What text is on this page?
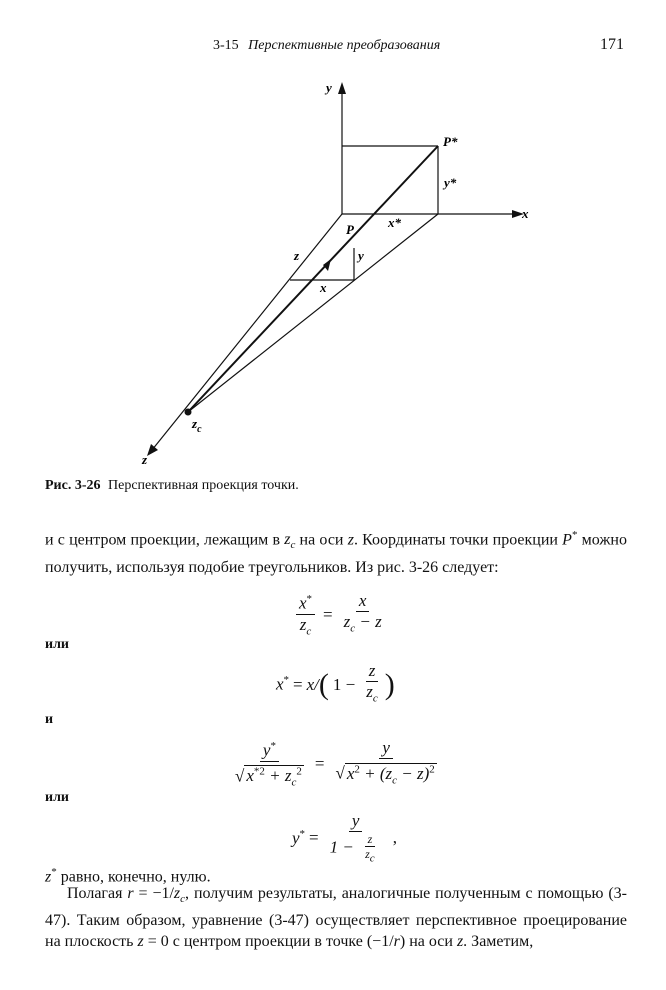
3-15 Перспективные преобразования	171
y
x
z
P*
y*
x*
P
y
x
z
$z_c$
Рис. 3-26 Перспективная проекция точки.
и с центром проекции, лежащим в $z_c$ на оси z. Координаты точки проекции P* можно получить, используя подобие треугольников. Из рис. 3-26 следует:
$\frac{x^*}{z_c} = \frac{x}{z_c - z}$
или
x* = x/ ( $1 - \frac{z}{z_c}$ )
и
$\frac{y^*}{√ x^{*2} + z_c^2} = \frac{y}{√ x^2 + (z_c - z)^2}$
или
$y^* = \frac{y}{1 - \frac{z}{zc}}$ ,
z* равно, конечно, нулю.
Полагая $r = -1/z_c$, получим результаты, аналогичные полученным с помощью (3-47). Таким образом, уравнение (3-47) осуществляет перспективное проецирование на плоскость z = 0 с центром проекции в точке (−1/r) на оси z. Заметим,
